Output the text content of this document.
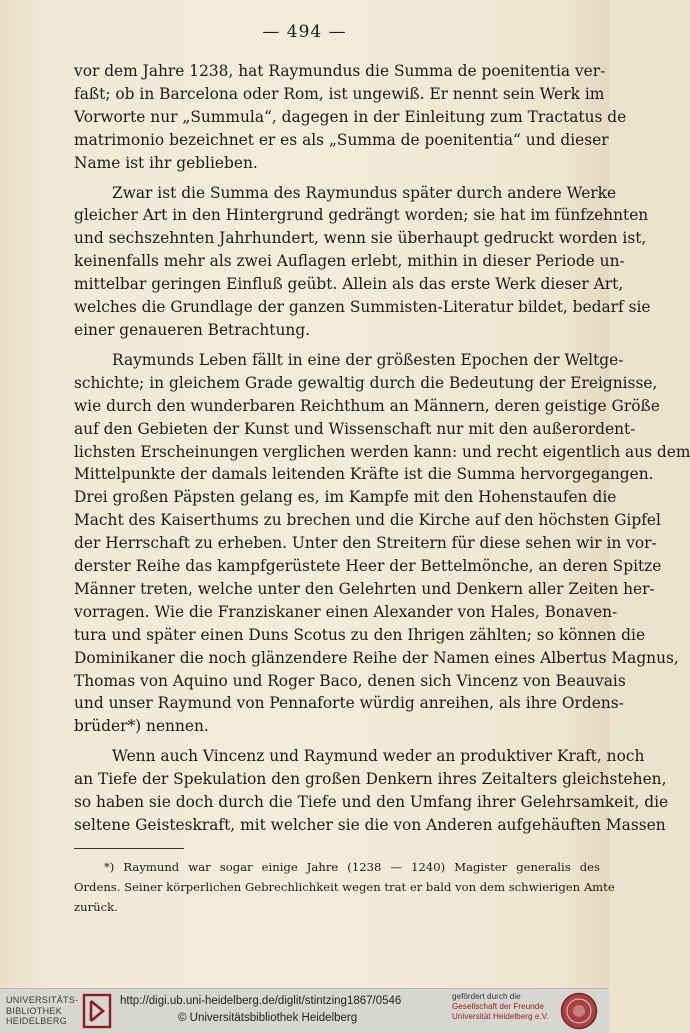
— 494 —

vor dem Jahre 1238, hat Raymundus die Summa de poenitentia ver-
faßt; ob in Barcelona oder Rom, ist ungewiß. Er nennt sein Werk im
Vorworte nur „Summula“, dagegen in der Einleitung zum Tractatus de
matrimonio bezeichnet er es als „Summa de poenitentia“ und dieser
Name ist ihr geblieben.

Zwar ist die Summa des Raymundus später durch andere Werke
gleicher Art in den Hintergrund gedrängt worden; sie hat im fünfzehnten
und sechszehnten Jahrhundert, wenn sie überhaupt gedruckt worden ist,
keinenfalls mehr als zwei Auflagen erlebt, mithin in dieser Periode un-
mittelbar geringen Einfluß geübt. Allein als das erste Werk dieser Art,
welches die Grundlage der ganzen Summisten-Literatur bildet, bedarf sie
einer genaueren Betrachtung.

Raymunds Leben fällt in eine der größesten Epochen der Weltge-
schichte; in gleichem Grade gewaltig durch die Bedeutung der Ereignisse,
wie durch den wunderbaren Reichthum an Männern, deren geistige Größe
auf den Gebieten der Kunst und Wissenschaft nur mit den außerordent-
lichsten Erscheinungen verglichen werden kann: und recht eigentlich aus dem
Mittelpunkte der damals leitenden Kräfte ist die Summa hervorgegangen.
Drei großen Päpsten gelang es, im Kampfe mit den Hohenstaufen die
Macht des Kaiserthums zu brechen und die Kirche auf den höchsten Gipfel
der Herrschaft zu erheben. Unter den Streitern für diese sehen wir in vor-
derster Reihe das kampfgerüstete Heer der Bettelmönche, an deren Spitze
Männer treten, welche unter den Gelehrten und Denkern aller Zeiten her-
vorragen. Wie die Franziskaner einen Alexander von Hales, Bonaven-
tura und später einen Duns Scotus zu den Ihrigen zählten; so können die
Dominikaner die noch glänzendere Reihe der Namen eines Albertus Magnus,
Thomas von Aquino und Roger Baco, denen sich Vincenz von Beauvais
und unser Raymund von Pennaforte würdig anreihen, als ihre Ordens-
brüder*) nennen.

Wenn auch Vincenz und Raymund weder an produktiver Kraft, noch
an Tiefe der Spekulation den großen Denkern ihres Zeitalters gleichstehen,
so haben sie doch durch die Tiefe und den Umfang ihrer Gelehrsamkeit, die
seltene Geisteskraft, mit welcher sie die von Anderen aufgehäuften Massen

*) Raymund war sogar einige Jahre (1238 — 1240) Magister generalis des
Ordens. Seiner körperlichen Gebrechlichkeit wegen trat er bald von dem schwierigen Amte
zurück.
UNIVERSITÄTS-
BIBLIOTHEK
HEIDELBERG
http://digi.ub.uni-heidelberg.de/diglit/stintzing1867/0546
© Universitätsbibliothek Heidelberg
gefördert durch die
Gesellschaft der Freunde
Universität Heidelberg e.V.
